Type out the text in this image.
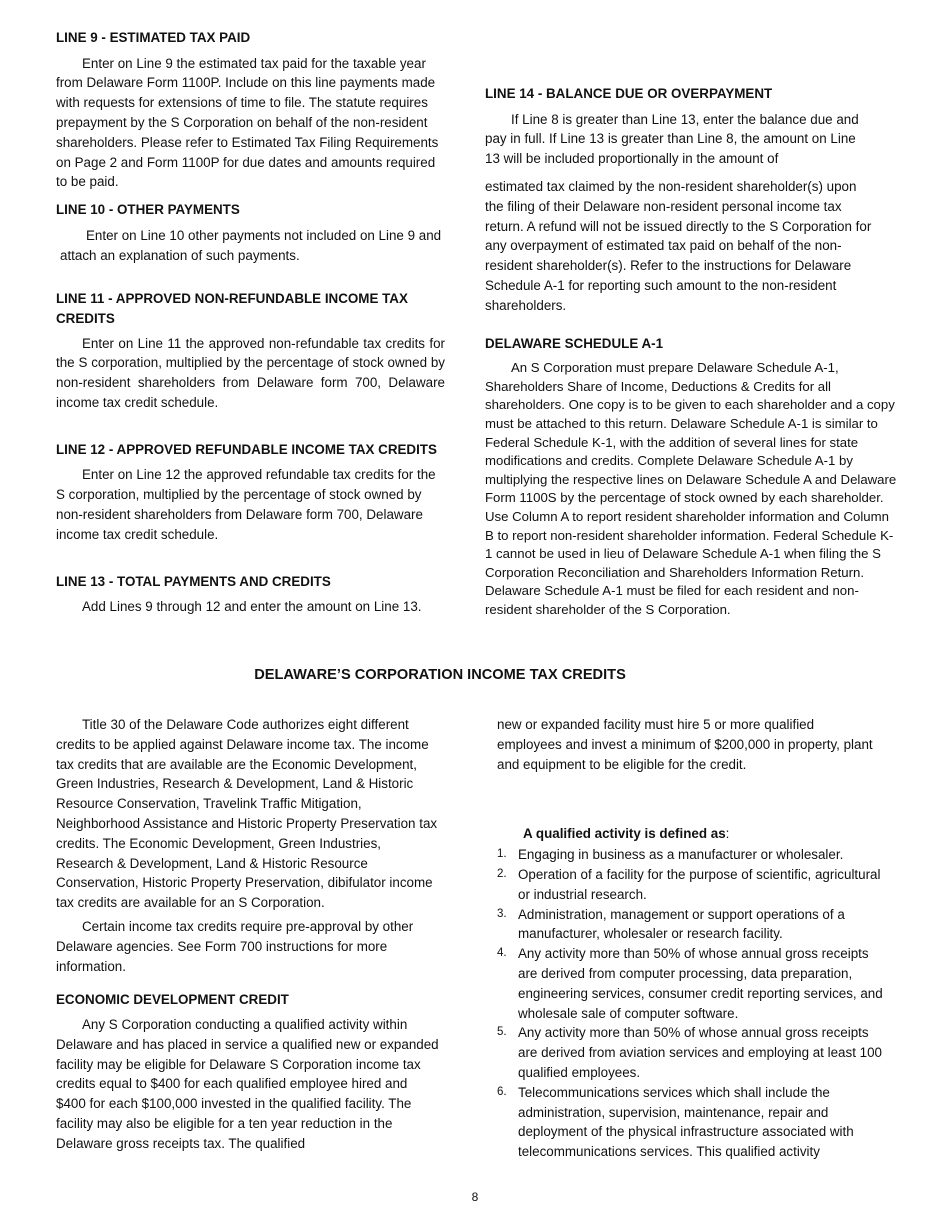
LINE 9 - ESTIMATED TAX PAID

Enter on Line 9 the estimated tax paid for the taxable year from Delaware Form 1100P. Include on this line payments made with requests for extensions of time to file. The statute requires prepayment by the S Corporation on behalf of the non-resident shareholders. Please refer to Estimated Tax Filing Requirements on Page 2 and Form 1100P for due dates and amounts required to be paid.

LINE 10 - OTHER PAYMENTS

Enter on Line 10 other payments not included on Line 9 and attach an explanation of such payments.

LINE 11 - APPROVED NON-REFUNDABLE INCOME TAX
CREDITS

Enter on Line 11 the approved non-refundable tax credits for the S corporation, multiplied by the percentage of stock owned by non-resident shareholders from Delaware form 700, Delaware income tax credit schedule.

LINE 12 - APPROVED REFUNDABLE INCOME TAX CREDITS

Enter on Line 12 the approved refundable tax credits for the S corporation, multiplied by the percentage of stock owned by non-resident shareholders from Delaware form 700, Delaware income tax credit schedule.

LINE 13 - TOTAL PAYMENTS AND CREDITS

Add Lines 9 through 12 and enter the amount on Line 13.

LINE 14 - BALANCE DUE OR OVERPAYMENT

If Line 8 is greater than Line 13, enter the balance due and pay in full. If Line 13 is greater than Line 8, the amount on Line 13 will be included proportionally in the amount of

estimated tax claimed by the non-resident shareholder(s) upon the filing of their Delaware non-resident personal income tax return. A refund will not be issued directly to the S Corporation for any overpayment of estimated tax paid on behalf of the non-resident shareholder(s). Refer to the instructions for Delaware Schedule A-1 for reporting such amount to the non-resident shareholders.

DELAWARE SCHEDULE A-1

An S Corporation must prepare Delaware Schedule A-1, Shareholders Share of Income, Deductions & Credits for all shareholders. One copy is to be given to each shareholder and a copy must be attached to this return. Delaware Schedule A-1 is similar to Federal Schedule K-1, with the addition of several lines for state modifications and credits. Complete Delaware Schedule A-1 by multiplying the respective lines on Delaware Schedule A and Delaware Form 1100S by the percentage of stock owned by each shareholder. Use Column A to report resident shareholder information and Column B to report non-resident shareholder information. Federal Schedule K-1 cannot be used in lieu of Delaware Schedule A-1 when filing the S Corporation Reconciliation and Shareholders Information Return. Delaware Schedule A-1 must be filed for each resident and non-resident shareholder of the S Corporation.

DELAWARE’S CORPORATION INCOME TAX CREDITS

Title 30 of the Delaware Code authorizes eight different credits to be applied against Delaware income tax. The income tax credits that are available are the Economic Development, Green Industries, Research & Development, Land & Historic Resource Conservation, Travelink Traffic Mitigation, Neighborhood Assistance and Historic Property Preservation tax credits. The Economic Development, Green Industries, Research & Development, Land & Historic Resource Conservation, Historic Property Preservation, dibifulator income tax credits are available for an S Corporation.

Certain income tax credits require pre-approval by other Delaware agencies. See Form 700 instructions for more information.

ECONOMIC DEVELOPMENT CREDIT

Any S Corporation conducting a qualified activity within Delaware and has placed in service a qualified new or expanded facility may be eligible for Delaware S Corporation income tax credits equal to $400 for each qualified employee hired and $400 for each $100,000 invested in the qualified facility. The facility may also be eligible for a ten year reduction in the Delaware gross receipts tax. The qualified

new or expanded facility must hire 5 or more qualified employees and invest a minimum of $200,000 in property, plant and equipment to be eligible for the credit.

A qualified activity is defined as:
1. Engaging in business as a manufacturer or wholesaler.
2. Operation of a facility for the purpose of scientific, agricultural or industrial research.
3. Administration, management or support operations of a manufacturer, wholesaler or research facility.
4. Any activity more than 50% of whose annual gross receipts are derived from computer processing, data preparation, engineering services, consumer credit reporting services, and wholesale sale of computer software.
5. Any activity more than 50% of whose annual gross receipts are derived from aviation services and employing at least 100 qualified employees.
6. Telecommunications services which shall include the administration, supervision, maintenance, repair and deployment of the physical infrastructure associated with telecommunications services. This qualified activity
8
